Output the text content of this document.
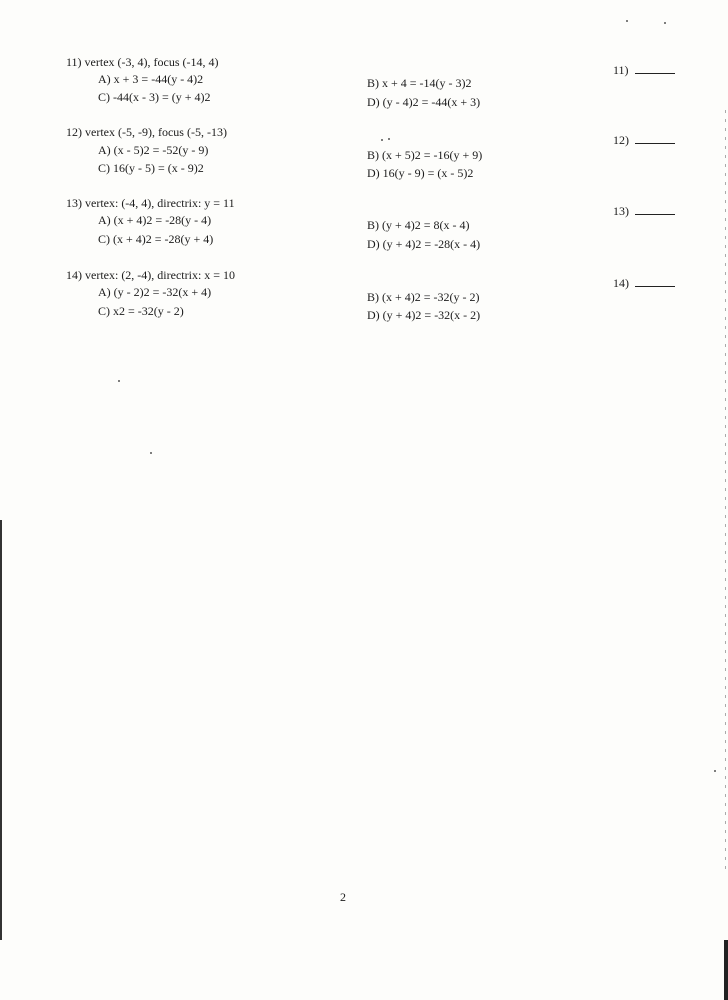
11) vertex (-3, 4), focus (-14, 4)
A) x + 3 = -44(y - 4)2
C) -44(x - 3) = (y + 4)2
B) x + 4 = -14(y - 3)2
D) (y - 4)2 = -44(x + 3)
11)
12) vertex (-5, -9), focus (-5, -13)
A) (x - 5)2 = -52(y - 9)
C) 16(y - 5) = (x - 9)2
B) (x + 5)2 = -16(y + 9)
D) 16(y - 9) = (x - 5)2
12)
13) vertex: (-4, 4), directrix: y = 11
A) (x + 4)2 = -28(y - 4)
C) (x + 4)2 = -28(y + 4)
B) (y + 4)2 = 8(x - 4)
D) (y + 4)2 = -28(x - 4)
13)
14) vertex: (2, -4), directrix: x = 10
A) (y - 2)2 = -32(x + 4)
C) x2 = -32(y - 2)
B) (x + 4)2 = -32(y - 2)
D) (y + 4)2 = -32(x - 2)
14)
2
